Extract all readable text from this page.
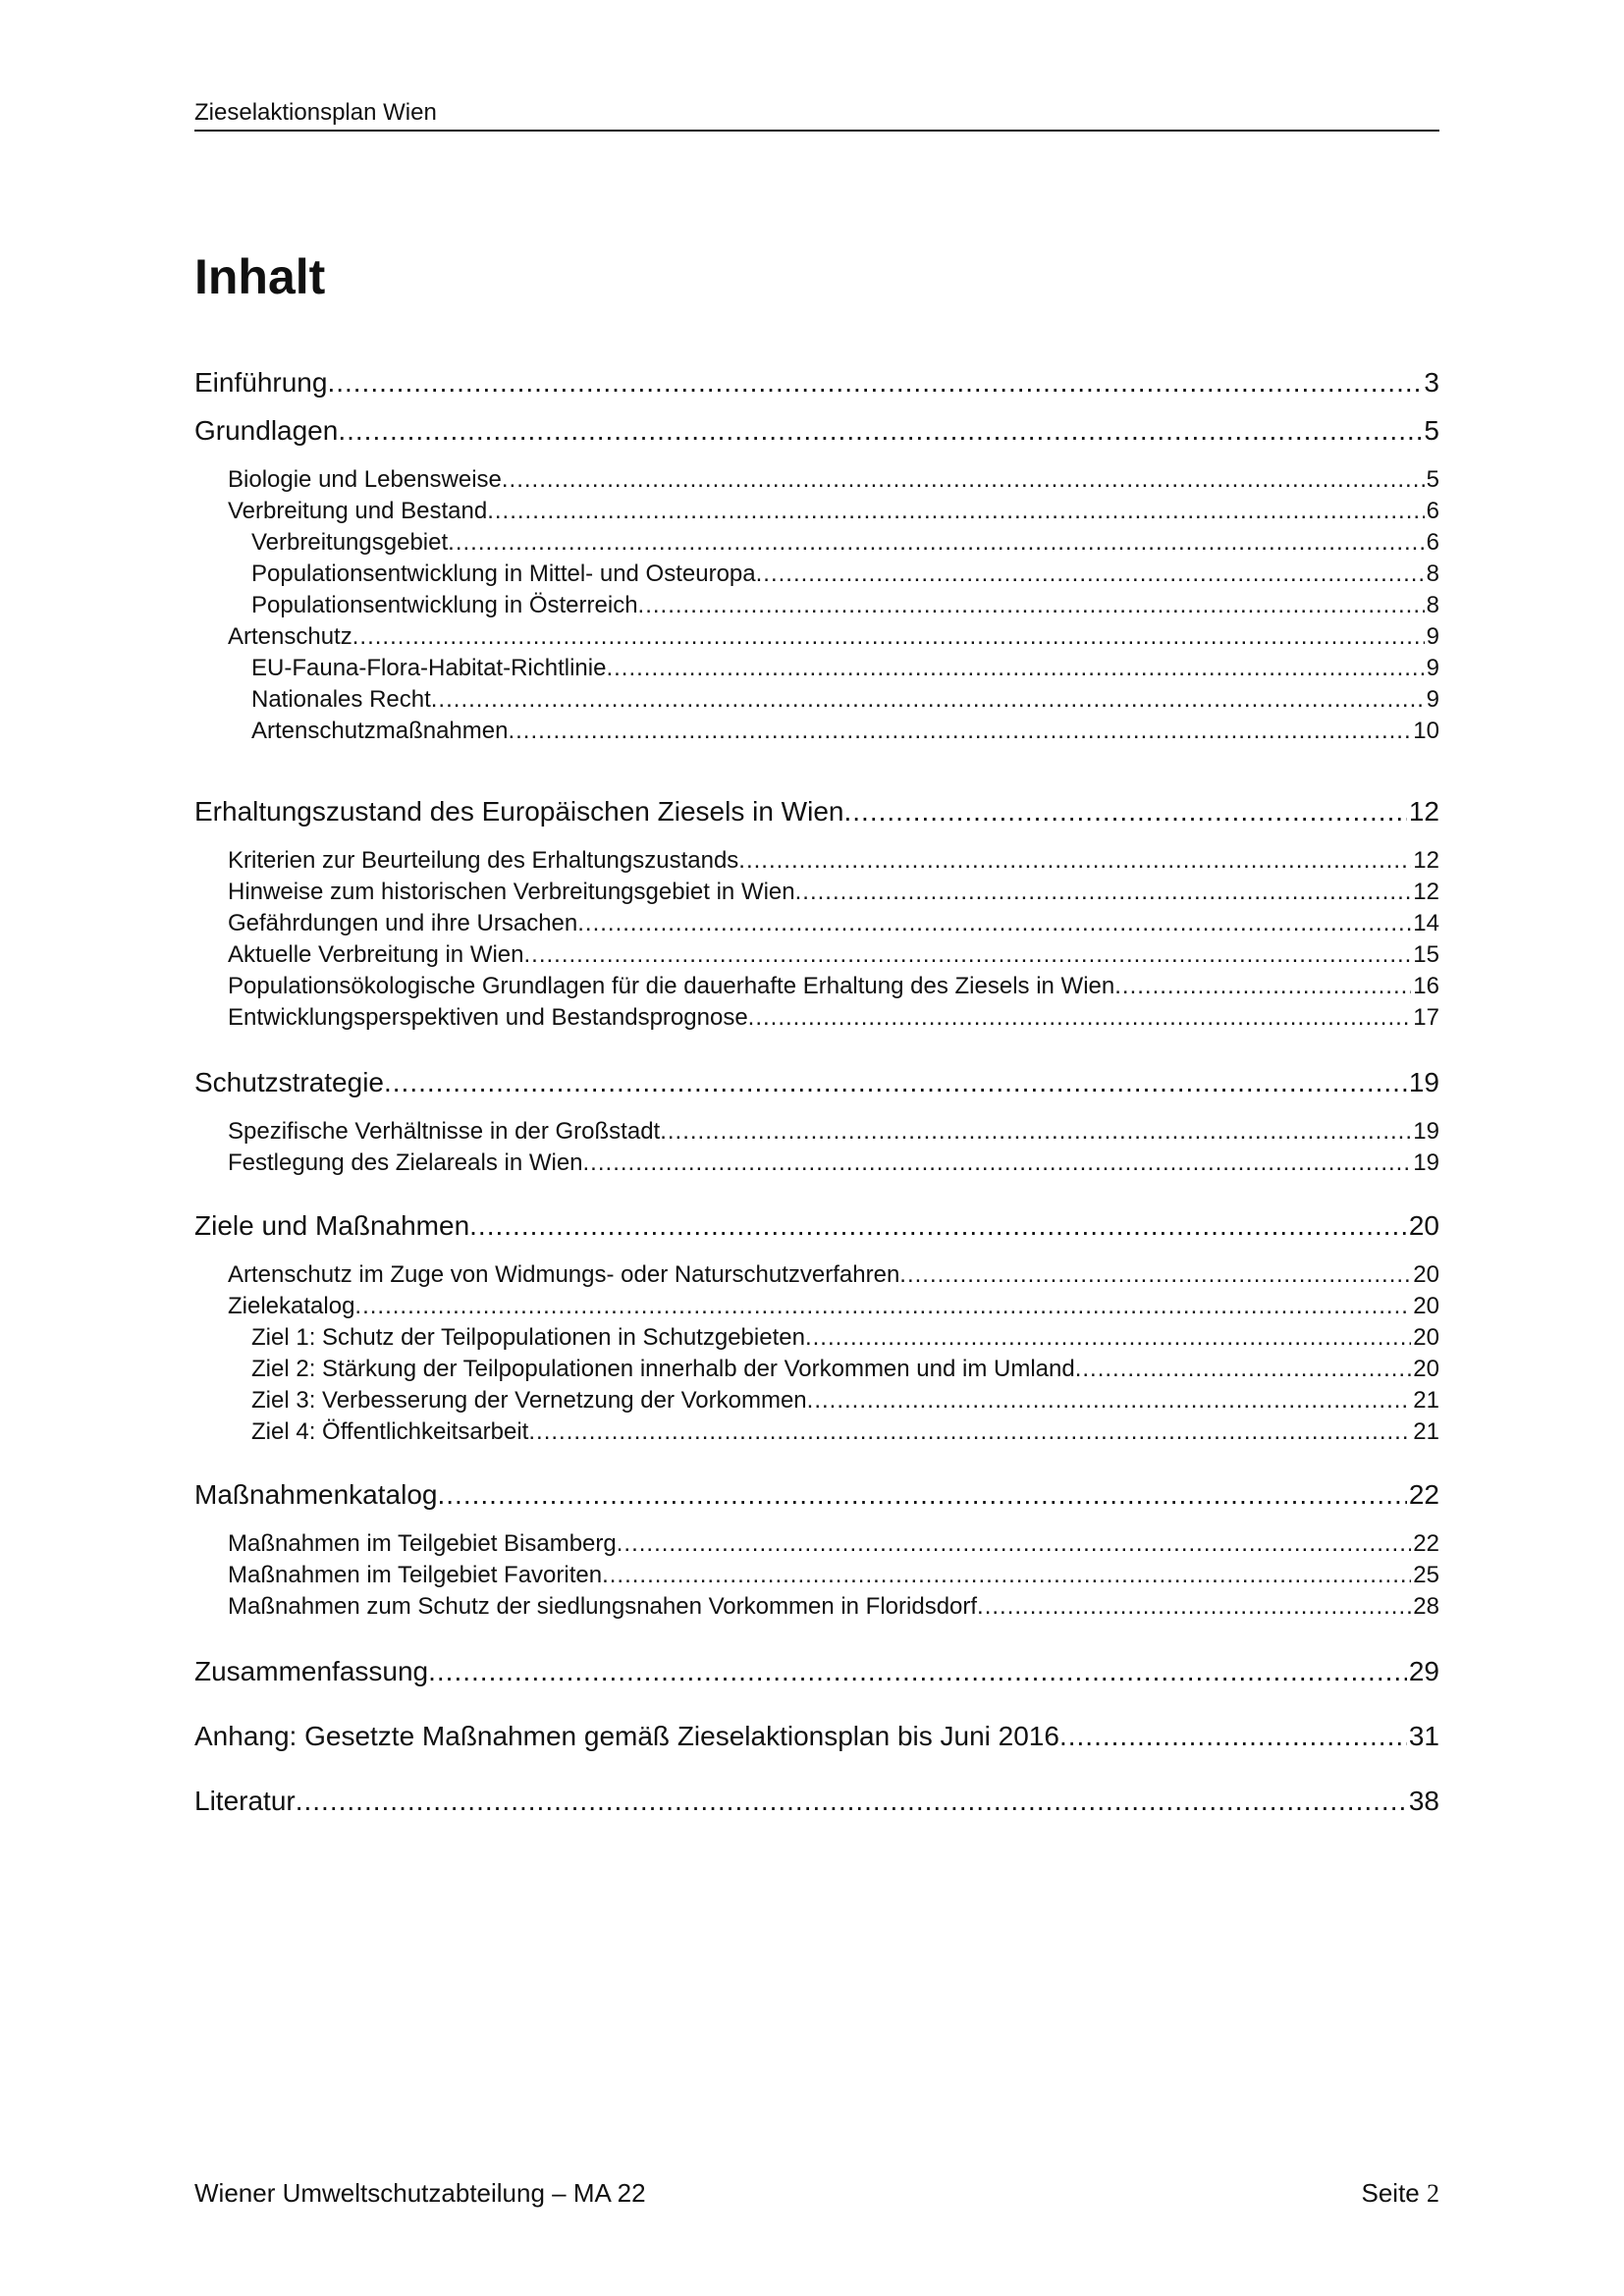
Zieselaktionsplan Wien
Inhalt
Einführung .....	3
Grundlagen .....	5
Biologie und Lebensweise .....	5
Verbreitung und Bestand .....	6
Verbreitungsgebiet .....	6
Populationsentwicklung in Mittel- und Osteuropa .....	8
Populationsentwicklung in Österreich .....	8
Artenschutz .....	9
EU-Fauna-Flora-Habitat-Richtlinie .....	9
Nationales Recht .....	9
Artenschutzmaßnahmen .....	10
Erhaltungszustand des Europäischen Ziesels in Wien .....	12
Kriterien zur Beurteilung des Erhaltungszustands .....	12
Hinweise zum historischen Verbreitungsgebiet in Wien .....	12
Gefährdungen und ihre Ursachen .....	14
Aktuelle Verbreitung in Wien .....	15
Populationsökologische Grundlagen für die dauerhafte Erhaltung des Ziesels in Wien .....	16
Entwicklungsperspektiven und Bestandsprognose .....	17
Schutzstrategie .....	19
Spezifische Verhältnisse in der Großstadt .....	19
Festlegung des Zielareals in Wien .....	19
Ziele und Maßnahmen .....	20
Artenschutz im Zuge von Widmungs- oder Naturschutzverfahren .....	20
Zielekatalog .....	20
Ziel 1: Schutz der Teilpopulationen in Schutzgebieten .....	20
Ziel 2: Stärkung der Teilpopulationen innerhalb der Vorkommen und im Umland .....	20
Ziel 3: Verbesserung der Vernetzung der Vorkommen .....	21
Ziel 4: Öffentlichkeitsarbeit .....	21
Maßnahmenkatalog .....	22
Maßnahmen im Teilgebiet Bisamberg .....	22
Maßnahmen im Teilgebiet Favoriten .....	25
Maßnahmen zum Schutz der siedlungsnahen Vorkommen in Floridsdorf .....	28
Zusammenfassung .....	29
Anhang: Gesetzte Maßnahmen gemäß Zieselaktionsplan bis Juni 2016 .....	31
Literatur .....	38
Wiener Umweltschutzabteilung – MA 22	Seite 2
